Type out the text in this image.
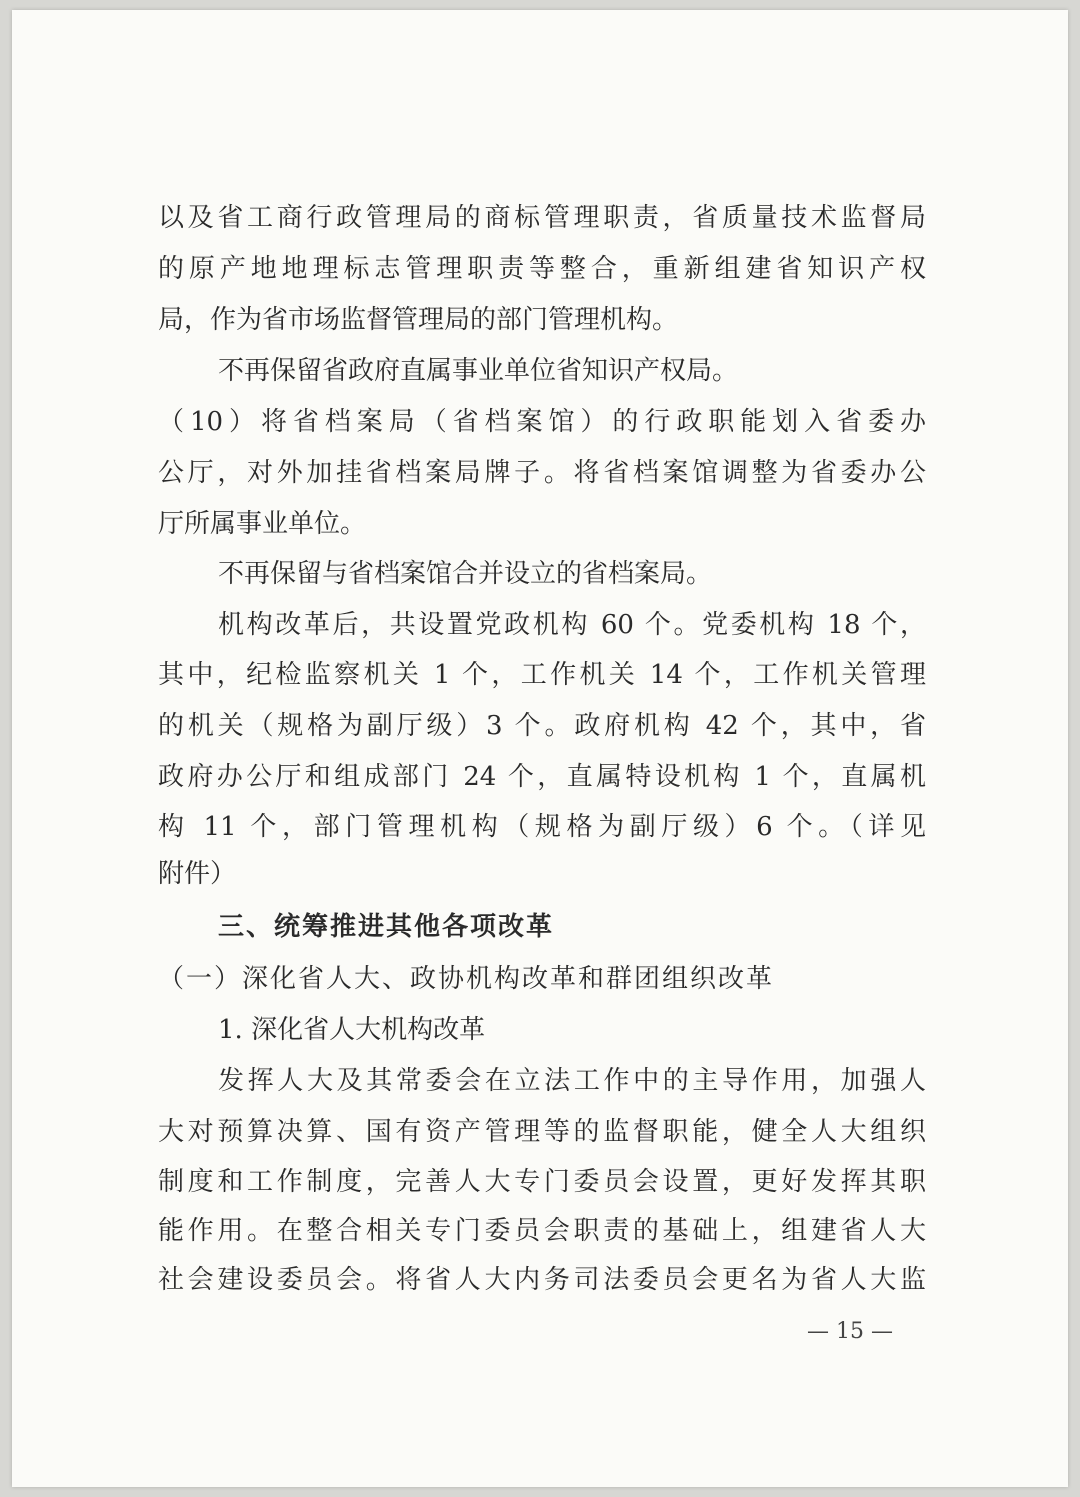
以及省工商行政管理局的商标管理职责，省质量技术监督局
的原产地地理标志管理职责等整合，重新组建省知识产权
局，作为省市场监督管理局的部门管理机构。
不再保留省政府直属事业单位省知识产权局。
（10）将省档案局（省档案馆）的行政职能划入省委办
公厅，对外加挂省档案局牌子。将省档案馆调整为省委办公
厅所属事业单位。
不再保留与省档案馆合并设立的省档案局。
机构改革后，共设置党政机构 60 个。党委机构 18 个，
其中，纪检监察机关 1 个，工作机关 14 个，工作机关管理
的机关（规格为副厅级）3 个。政府机构 42 个，其中，省
政府办公厅和组成部门 24 个，直属特设机构 1 个，直属机
构 11 个，部门管理机构（规格为副厅级）6 个。（详见
附件）
三、统筹推进其他各项改革
（一）深化省人大、政协机构改革和群团组织改革
1. 深化省人大机构改革
发挥人大及其常委会在立法工作中的主导作用，加强人
大对预算决算、国有资产管理等的监督职能，健全人大组织
制度和工作制度，完善人大专门委员会设置，更好发挥其职
能作用。在整合相关专门委员会职责的基础上，组建省人大
社会建设委员会。将省人大内务司法委员会更名为省人大监
— 15 —
